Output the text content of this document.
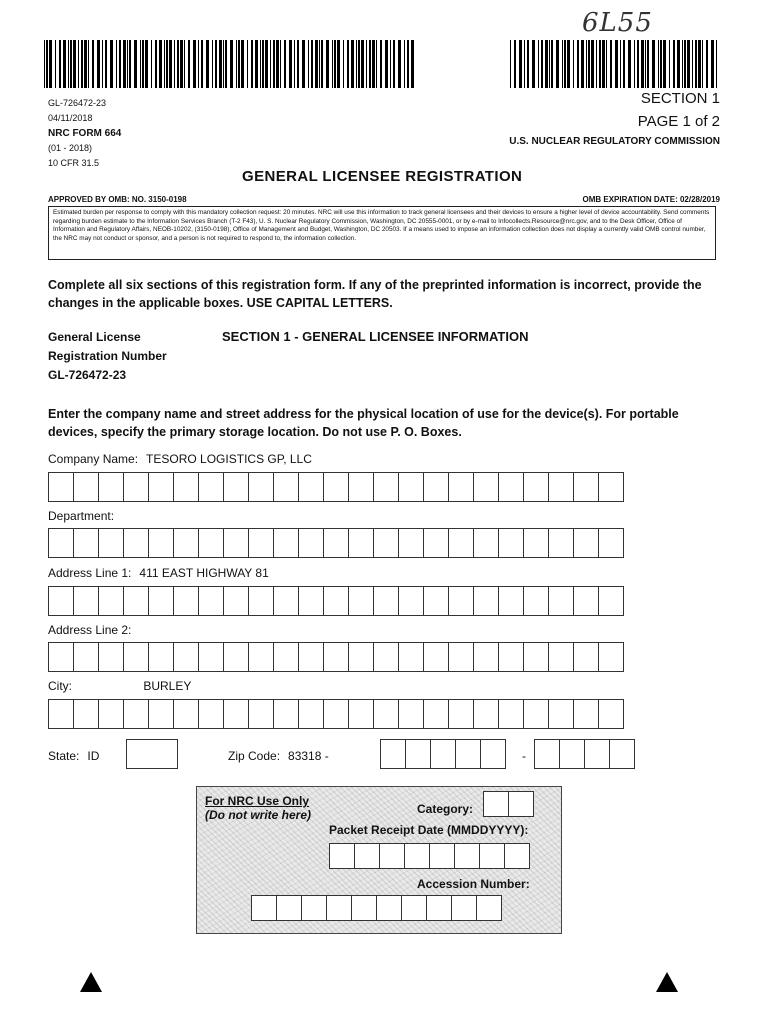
6L55
GL-726472-23
04/11/2018
NRC FORM 664
(01 - 2018)
10 CFR 31.5
SECTION 1
PAGE 1 of 2
U.S. NUCLEAR REGULATORY COMMISSION
GENERAL LICENSEE REGISTRATION
APPROVED BY OMB: NO. 3150-0198	OMB EXPIRATION DATE: 02/28/2019
Estimated burden per response to comply with this mandatory collection request: 20 minutes. NRC will use this information to track general licensees and their devices to ensure a higher level of device accountability. Send comments regarding burden estimate to the Information Services Branch (T-2 F43), U. S. Nuclear Regulatory Commission, Washington, DC 20555-0001, or by e-mail to Infocollects.Resource@nrc.gov, and to the Desk Officer, Office of Information and Regulatory Affairs, NEOB-10202, (3150-0198), Office of Management and Budget, Washington, DC 20503. If a means used to impose an information collection does not display a currently valid OMB control number, the NRC may not conduct or sponsor, and a person is not required to respond to, the information collection.
Complete all six sections of this registration form. If any of the preprinted information is incorrect, provide the changes in the applicable boxes. USE CAPITAL LETTERS.
General License
Registration Number
GL-726472-23
SECTION 1 - GENERAL LICENSEE INFORMATION
Enter the company name and street address for the physical location of use for the device(s). For portable devices, specify the primary storage location. Do not use P. O. Boxes.
Company Name: TESORO LOGISTICS GP, LLC
Department:
Address Line 1: 411 EAST HIGHWAY 81
Address Line 2:
City:	BURLEY
State: ID	Zip Code: 83318 -	-
For NRC Use Only
(Do not write here)	Category:
Packet Receipt Date (MMDDYYYY):
Accession Number:
